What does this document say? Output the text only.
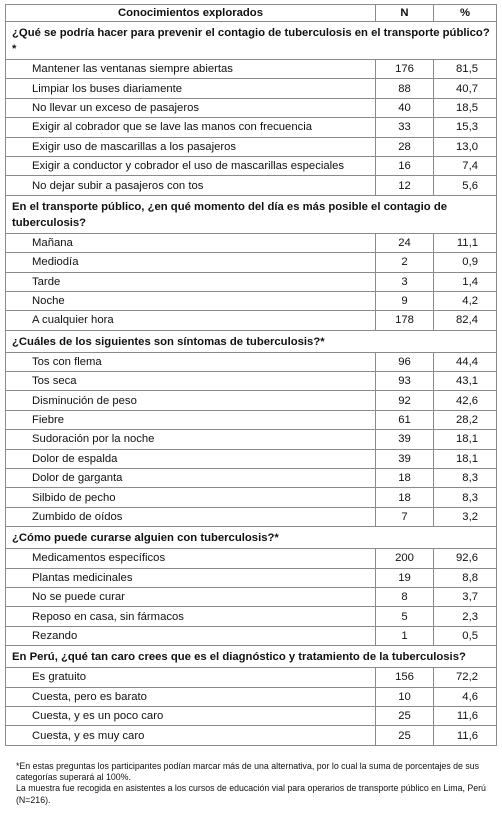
Conocimientos explorados	N	%
¿Qué se podría hacer para prevenir el contagio de tuberculosis en el transporte público? *		
Mantener las ventanas siempre abiertas	176	81,5
Limpiar los buses diariamente	88	40,7
No llevar un exceso de pasajeros	40	18,5
Exigir al cobrador que se lave las manos con frecuencia	33	15,3
Exigir uso de mascarillas a los pasajeros	28	13,0
Exigir a conductor y cobrador el uso de mascarillas especiales	16	7,4
No dejar subir a pasajeros con tos	12	5,6
En el transporte público, ¿en qué momento del día es más posible el contagio de tuberculosis?		
Mañana	24	11,1
Mediodía	2	0,9
Tarde	3	1,4
Noche	9	4,2
A cualquier hora	178	82,4
¿Cuáles de los siguientes son síntomas de tuberculosis?*		
Tos con flema	96	44,4
Tos seca	93	43,1
Disminución de peso	92	42,6
Fiebre	61	28,2
Sudoración por la noche	39	18,1
Dolor de espalda	39	18,1
Dolor de garganta	18	8,3
Silbido de pecho	18	8,3
Zumbido de oídos	7	3,2
¿Cómo puede curarse alguien con tuberculosis?*		
Medicamentos específicos	200	92,6
Plantas medicinales	19	8,8
No se puede curar	8	3,7
Reposo en casa, sin fármacos	5	2,3
Rezando	1	0,5
En Perú, ¿qué tan caro crees que es el diagnóstico y tratamiento de la tuberculosis?		
Es gratuito	156	72,2
Cuesta, pero es barato	10	4,6
Cuesta, y es un poco caro	25	11,6
Cuesta, y es muy caro	25	11,6
*En estas preguntas los participantes podían marcar más de una alternativa, por lo cual la suma de porcentajes de sus categorías superará al 100%.
La muestra fue recogida en asistentes a los cursos de educación vial para operarios de transporte público en Lima, Perú (N=216).
